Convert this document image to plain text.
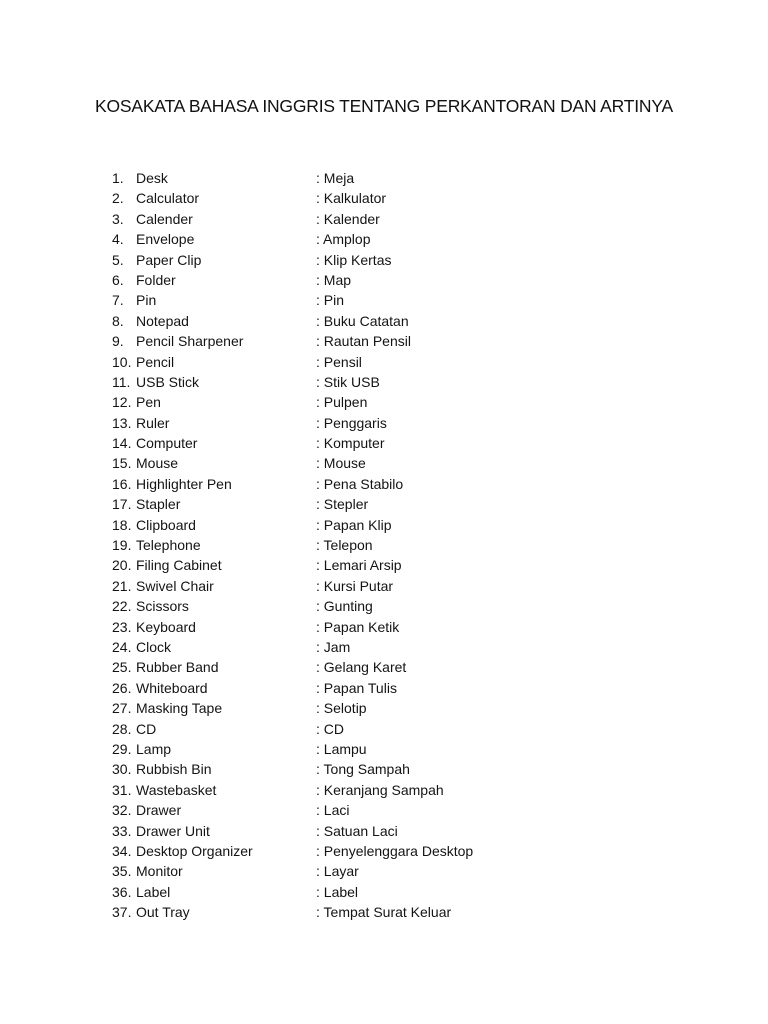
KOSAKATA BAHASA INGGRIS TENTANG PERKANTORAN DAN ARTINYA
1. Desk	: Meja
2. Calculator	: Kalkulator
3. Calender	: Kalender
4. Envelope	: Amplop
5. Paper Clip	: Klip Kertas
6. Folder	: Map
7. Pin	: Pin
8. Notepad	: Buku Catatan
9. Pencil Sharpener	: Rautan Pensil
10. Pencil	: Pensil
11. USB Stick	: Stik USB
12. Pen	: Pulpen
13. Ruler	: Penggaris
14. Computer	: Komputer
15. Mouse	: Mouse
16. Highlighter Pen	: Pena Stabilo
17. Stapler	: Stepler
18. Clipboard	: Papan Klip
19. Telephone	: Telepon
20. Filing Cabinet	: Lemari Arsip
21. Swivel Chair	: Kursi Putar
22. Scissors	: Gunting
23. Keyboard	: Papan Ketik
24. Clock	: Jam
25. Rubber Band	: Gelang Karet
26. Whiteboard	: Papan Tulis
27. Masking Tape	: Selotip
28. CD	: CD
29. Lamp	: Lampu
30. Rubbish Bin	: Tong Sampah
31. Wastebasket	: Keranjang Sampah
32. Drawer	: Laci
33. Drawer Unit	: Satuan Laci
34. Desktop Organizer	: Penyelenggara Desktop
35. Monitor	: Layar
36. Label	: Label
37. Out Tray	: Tempat Surat Keluar
